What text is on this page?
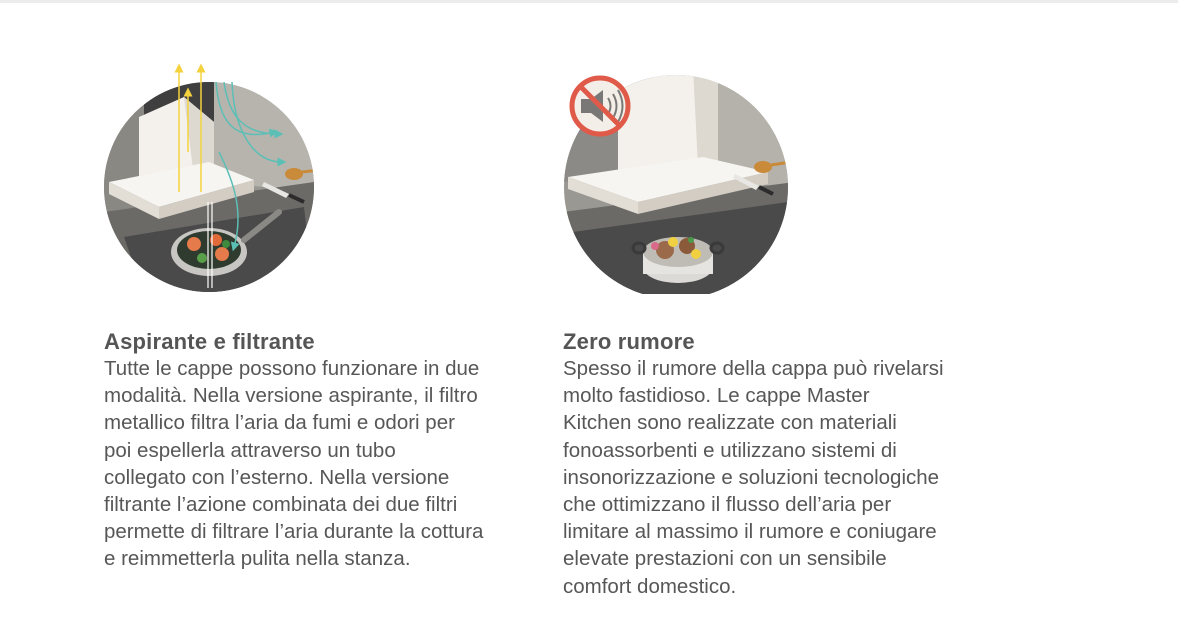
Aspirante e filtrante

Tutte le cappe possono funzionare in due
modalità. Nella versione aspirante, il filtro
metallico filtra l’aria da fumi e odori per
poi espellerla attraverso un tubo
collegato con l’esterno. Nella versione
filtrante l’azione combinata dei due filtri
permette di filtrare l’aria durante la cottura
e reimmetterla pulita nella stanza.

Zero rumore

Spesso il rumore della cappa può rivelarsi
molto fastidioso. Le cappe Master
Kitchen sono realizzate con materiali
fonoassorbenti e utilizzano sistemi di
insonorizzazione e soluzioni tecnologiche
che ottimizzano il flusso dell’aria per
limitare al massimo il rumore e coniugare
elevate prestazioni con un sensibile
comfort domestico.
